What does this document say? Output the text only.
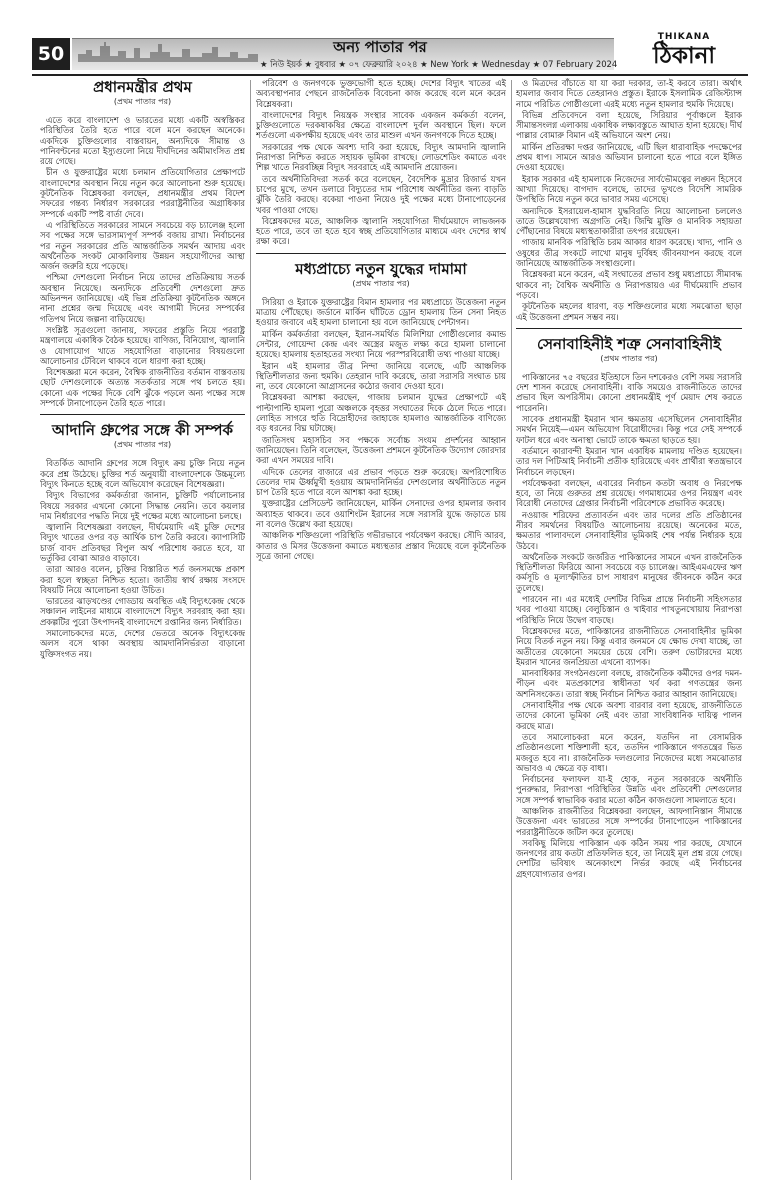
50	অন্য পাতার পর
★ নিউ ইয়র্ক ★ বুধবার ★ ০৭ ফেব্রুয়ারি ২০২৪ ★ New York ★ Wednesday ★ 07 February 2024
THIKANA
ঠিকানা
প্রধানমন্ত্রীর প্রথম
(প্রথম পাতার পর)

এতে করে বাংলাদেশ ও ভারতের মধ্যে একটি অস্বস্তিকর পরিস্থিতির তৈরি হতে পারে বলে মনে করছেন অনেকে। একদিকে চুক্তিগুলোর বাস্তবায়ন, অন্যদিকে সীমান্ত ও পানিবণ্টনের মতো ইস্যুগুলো নিয়ে দীর্ঘদিনের অমীমাংসিত প্রশ্ন রয়ে গেছে।

চীন ও যুক্তরাষ্ট্রের মধ্যে চলমান প্রতিযোগিতার প্রেক্ষাপটে বাংলাদেশের অবস্থান নিয়ে নতুন করে আলোচনা শুরু হয়েছে। কূটনৈতিক বিশ্লেষকরা বলছেন, প্রধানমন্ত্রীর প্রথম বিদেশ সফরের গন্তব্য নির্ধারণ সরকারের পররাষ্ট্রনীতির অগ্রাধিকার সম্পর্কে একটি স্পষ্ট বার্তা দেবে।

এ পরিস্থিতিতে সরকারের সামনে সবচেয়ে বড় চ্যালেঞ্জ হলো সব পক্ষের সঙ্গে ভারসাম্যপূর্ণ সম্পর্ক বজায় রাখা। নির্বাচনের পর নতুন সরকারের প্রতি আন্তর্জাতিক সমর্থন আদায় এবং অর্থনৈতিক সংকট মোকাবিলায় উন্নয়ন সহযোগীদের আস্থা অর্জন জরুরি হয়ে পড়েছে।

পশ্চিমা দেশগুলো নির্বাচন নিয়ে তাদের প্রতিক্রিয়ায় সতর্ক অবস্থান নিয়েছে। অন্যদিকে প্রতিবেশী দেশগুলো দ্রুত অভিনন্দন জানিয়েছে। এই ভিন্ন প্রতিক্রিয়া কূটনৈতিক অঙ্গনে নানা প্রশ্নের জন্ম দিয়েছে এবং আগামী দিনের সম্পর্কের গতিপথ নিয়ে জল্পনা বাড়িয়েছে।

সংশ্লিষ্ট সূত্রগুলো জানায়, সফরের প্রস্তুতি নিয়ে পররাষ্ট্র মন্ত্রণালয়ে একাধিক বৈঠক হয়েছে। বাণিজ্য, বিনিয়োগ, জ্বালানি ও যোগাযোগ খাতে সহযোগিতা বাড়ানোর বিষয়গুলো আলোচনার টেবিলে থাকবে বলে ধারণা করা হচ্ছে।

বিশেষজ্ঞরা মনে করেন, বৈশ্বিক রাজনীতির বর্তমান বাস্তবতায় ছোট দেশগুলোকে অত্যন্ত সতর্কতার সঙ্গে পথ চলতে হয়। কোনো এক পক্ষের দিকে বেশি ঝুঁকে পড়লে অন্য পক্ষের সঙ্গে সম্পর্কে টানাপোড়েন তৈরি হতে পারে।

আদানি গ্রুপের সঙ্গে কী সম্পর্ক
(প্রথম পাতার পর)

বিতর্কিত আদানি গ্রুপের সঙ্গে বিদ্যুৎ ক্রয় চুক্তি নিয়ে নতুন করে প্রশ্ন উঠেছে। চুক্তির শর্ত অনুযায়ী বাংলাদেশকে উচ্চমূল্যে বিদ্যুৎ কিনতে হচ্ছে বলে অভিযোগ করেছেন বিশেষজ্ঞরা।

বিদ্যুৎ বিভাগের কর্মকর্তারা জানান, চুক্তিটি পর্যালোচনার বিষয়ে সরকার এখনো কোনো সিদ্ধান্ত নেয়নি। তবে কয়লার দাম নির্ধারণের পদ্ধতি নিয়ে দুই পক্ষের মধ্যে আলোচনা চলছে।

জ্বালানি বিশেষজ্ঞরা বলছেন, দীর্ঘমেয়াদি এই চুক্তি দেশের বিদ্যুৎ খাতের ওপর বড় আর্থিক চাপ তৈরি করবে। ক্যাপাসিটি চার্জ বাবদ প্রতিবছর বিপুল অর্থ পরিশোধ করতে হবে, যা ভর্তুকির বোঝা আরও বাড়াবে।

তারা আরও বলেন, চুক্তির বিস্তারিত শর্ত জনসমক্ষে প্রকাশ করা হলে স্বচ্ছতা নিশ্চিত হতো। জাতীয় স্বার্থ রক্ষায় সংসদে বিষয়টি নিয়ে আলোচনা হওয়া উচিত।

ভারতের ঝাড়খণ্ডের গোড্ডায় অবস্থিত এই বিদ্যুৎকেন্দ্র থেকে সঞ্চালন লাইনের মাধ্যমে বাংলাদেশে বিদ্যুৎ সরবরাহ করা হয়। প্রকল্পটির পুরো উৎপাদনই বাংলাদেশে রপ্তানির জন্য নির্ধারিত।

সমালোচকদের মতে, দেশের ভেতরে অনেক বিদ্যুৎকেন্দ্র অলস বসে থাকা অবস্থায় আমদানিনির্ভরতা বাড়ানো যুক্তিসংগত নয়।

পরিবেশ ও জনগণকে ভুক্তভোগী হতে হচ্ছে। দেশের বিদ্যুৎ খাতের এই অব্যবস্থাপনার পেছনে রাজনৈতিক বিবেচনা কাজ করেছে বলে মনে করেন বিশ্লেষকরা।

বাংলাদেশের বিদ্যুৎ নিয়ন্ত্রক সংস্থার সাবেক একজন কর্মকর্তা বলেন, চুক্তিগুলোতে দরকষাকষির ক্ষেত্রে বাংলাদেশ দুর্বল অবস্থানে ছিল। ফলে শর্তগুলো একপক্ষীয় হয়েছে এবং তার মাশুল এখন জনগণকে দিতে হচ্ছে।

সরকারের পক্ষ থেকে অবশ্য দাবি করা হয়েছে, বিদ্যুৎ আমদানি জ্বালানি নিরাপত্তা নিশ্চিত করতে সহায়ক ভূমিকা রাখছে। লোডশেডিং কমাতে এবং শিল্প খাতে নিরবচ্ছিন্ন বিদ্যুৎ সরবরাহে এই আমদানি প্রয়োজন।

তবে অর্থনীতিবিদরা সতর্ক করে বলেছেন, বৈদেশিক মুদ্রার রিজার্ভ যখন চাপের মুখে, তখন ডলারে বিদ্যুতের দাম পরিশোধ অর্থনীতির জন্য বাড়তি ঝুঁকি তৈরি করছে। বকেয়া পাওনা নিয়েও দুই পক্ষের মধ্যে টানাপোড়েনের খবর পাওয়া গেছে।

বিশ্লেষকদের মতে, আঞ্চলিক জ্বালানি সহযোগিতা দীর্ঘমেয়াদে লাভজনক হতে পারে, তবে তা হতে হবে স্বচ্ছ প্রতিযোগিতার মাধ্যমে এবং দেশের স্বার্থ রক্ষা করে।

মধ্যপ্রাচ্যে নতুন যুদ্ধের দামামা
(প্রথম পাতার পর)

সিরিয়া ও ইরাকে যুক্তরাষ্ট্রের বিমান হামলার পর মধ্যপ্রাচ্যে উত্তেজনা নতুন মাত্রায় পৌঁছেছে। জর্ডানে মার্কিন ঘাঁটিতে ড্রোন হামলায় তিন সেনা নিহত হওয়ার জবাবে এই হামলা চালানো হয় বলে জানিয়েছে পেন্টাগন।

মার্কিন কর্মকর্তারা বলছেন, ইরান-সমর্থিত মিলিশিয়া গোষ্ঠীগুলোর কমান্ড সেন্টার, গোয়েন্দা কেন্দ্র এবং অস্ত্রের মজুত লক্ষ্য করে হামলা চালানো হয়েছে। হামলায় হতাহতের সংখ্যা নিয়ে পরস্পরবিরোধী তথ্য পাওয়া যাচ্ছে।

ইরান এই হামলার তীব্র নিন্দা জানিয়ে বলেছে, এটি আঞ্চলিক স্থিতিশীলতার জন্য হুমকি। তেহরান দাবি করেছে, তারা সরাসরি সংঘাত চায় না, তবে যেকোনো আগ্রাসনের কঠোর জবাব দেওয়া হবে।

বিশ্লেষকরা আশঙ্কা করছেন, গাজায় চলমান যুদ্ধের প্রেক্ষাপটে এই পাল্টাপাল্টি হামলা পুরো অঞ্চলকে বৃহত্তর সংঘাতের দিকে ঠেলে দিতে পারে। লোহিত সাগরে হুতি বিদ্রোহীদের জাহাজে হামলাও আন্তর্জাতিক বাণিজ্যে বড় ধরনের বিঘ্ন ঘটাচ্ছে।

জাতিসংঘ মহাসচিব সব পক্ষকে সর্বোচ্চ সংযম প্রদর্শনের আহ্বান জানিয়েছেন। তিনি বলেছেন, উত্তেজনা প্রশমনে কূটনৈতিক উদ্যোগ জোরদার করা এখন সময়ের দাবি।

এদিকে তেলের বাজারে এর প্রভাব পড়তে শুরু করেছে। অপরিশোধিত তেলের দাম ঊর্ধ্বমুখী হওয়ায় আমদানিনির্ভর দেশগুলোর অর্থনীতিতে নতুন চাপ তৈরি হতে পারে বলে আশঙ্কা করা হচ্ছে।

যুক্তরাষ্ট্রের প্রেসিডেন্ট জানিয়েছেন, মার্কিন সেনাদের ওপর হামলার জবাব অব্যাহত থাকবে। তবে ওয়াশিংটন ইরানের সঙ্গে সরাসরি যুদ্ধে জড়াতে চায় না বলেও উল্লেখ করা হয়েছে।

আঞ্চলিক শক্তিগুলো পরিস্থিতি গভীরভাবে পর্যবেক্ষণ করছে। সৌদি আরব, কাতার ও মিসর উত্তেজনা কমাতে মধ্যস্থতার প্রস্তাব দিয়েছে বলে কূটনৈতিক সূত্রে জানা গেছে।

ও মিত্রদের বাঁচাতে যা যা করা দরকার, তা-ই করবে তারা। অর্থাৎ হামলার জবাব দিতে তেহরানও প্রস্তুত। ইরাকে ইসলামিক রেজিস্ট্যান্স নামে পরিচিত গোষ্ঠীগুলো এরই মধ্যে নতুন হামলার হুমকি দিয়েছে।

বিভিন্ন প্রতিবেদনে বলা হয়েছে, সিরিয়ার পূর্বাঞ্চলে ইরাক সীমান্তসংলগ্ন এলাকায় একাধিক লক্ষ্যবস্তুতে আঘাত হানা হয়েছে। দীর্ঘ পাল্লার বোমারু বিমান এই অভিযানে অংশ নেয়।

মার্কিন প্রতিরক্ষা দপ্তর জানিয়েছে, এটি ছিল ধারাবাহিক পদক্ষেপের প্রথম ধাপ। সামনে আরও অভিযান চালানো হতে পারে বলে ইঙ্গিত দেওয়া হয়েছে।

ইরাক সরকার এই হামলাকে নিজেদের সার্বভৌমত্বের লঙ্ঘন হিসেবে আখ্যা দিয়েছে। বাগদাদ বলেছে, তাদের ভূখণ্ডে বিদেশি সামরিক উপস্থিতি নিয়ে নতুন করে ভাবার সময় এসেছে।

অন্যদিকে ইসরায়েল-হামাস যুদ্ধবিরতি নিয়ে আলোচনা চললেও তাতে উল্লেখযোগ্য অগ্রগতি নেই। জিম্মি মুক্তি ও মানবিক সহায়তা পৌঁছানোর বিষয়ে মধ্যস্থতাকারীরা তৎপর রয়েছেন।

গাজায় মানবিক পরিস্থিতি চরম আকার ধারণ করেছে। খাদ্য, পানি ও ওষুধের তীব্র সংকটে লাখো মানুষ দুর্বিষহ জীবনযাপন করছে বলে জানিয়েছে আন্তর্জাতিক সংস্থাগুলো।

বিশ্লেষকরা মনে করেন, এই সংঘাতের প্রভাব শুধু মধ্যপ্রাচ্যে সীমাবদ্ধ থাকবে না; বৈশ্বিক অর্থনীতি ও নিরাপত্তায়ও এর দীর্ঘমেয়াদি প্রভাব পড়বে।

কূটনৈতিক মহলের ধারণা, বড় শক্তিগুলোর মধ্যে সমঝোতা ছাড়া এই উত্তেজনা প্রশমন সম্ভব নয়।

সেনাবাহিনীই শত্রু সেনাবাহিনীই
(প্রথম পাতার পর)

পাকিস্তানের ৭৫ বছরের ইতিহাসে তিন দশকেরও বেশি সময় সরাসরি দেশ শাসন করেছে সেনাবাহিনী। বাকি সময়েও রাজনীতিতে তাদের প্রভাব ছিল অপরিসীম। কোনো প্রধানমন্ত্রীই পূর্ণ মেয়াদ শেষ করতে পারেননি।

সাবেক প্রধানমন্ত্রী ইমরান খান ক্ষমতায় এসেছিলেন সেনাবাহিনীর সমর্থন নিয়েই—এমন অভিযোগ বিরোধীদের। কিন্তু পরে সেই সম্পর্কে ফাটল ধরে এবং অনাস্থা ভোটে তাকে ক্ষমতা ছাড়তে হয়।

বর্তমানে কারাবন্দী ইমরান খান একাধিক মামলায় দণ্ডিত হয়েছেন। তার দল পিটিআই নির্বাচনী প্রতীক হারিয়েছে এবং প্রার্থীরা স্বতন্ত্রভাবে নির্বাচনে লড়ছেন।

পর্যবেক্ষকরা বলছেন, এবারের নির্বাচন কতটা অবাধ ও নিরপেক্ষ হবে, তা নিয়ে গুরুতর প্রশ্ন রয়েছে। গণমাধ্যমের ওপর নিয়ন্ত্রণ এবং বিরোধী নেতাদের গ্রেপ্তার নির্বাচনী পরিবেশকে প্রভাবিত করেছে।

নওয়াজ শরিফের প্রত্যাবর্তন এবং তার দলের প্রতি প্রতিষ্ঠানের নীরব সমর্থনের বিষয়টিও আলোচনায় রয়েছে। অনেকের মতে, ক্ষমতার পালাবদলে সেনাবাহিনীর ভূমিকাই শেষ পর্যন্ত নির্ধারক হয়ে উঠবে।

অর্থনৈতিক সংকটে জর্জরিত পাকিস্তানের সামনে এখন রাজনৈতিক স্থিতিশীলতা ফিরিয়ে আনা সবচেয়ে বড় চ্যালেঞ্জ। আইএমএফের ঋণ কর্মসূচি ও মূল্যস্ফীতির চাপ সাধারণ মানুষের জীবনকে কঠিন করে তুলেছে।

পারবেন না। এর মধ্যেই দেশটির বিভিন্ন প্রান্তে নির্বাচনী সহিংসতার খবর পাওয়া যাচ্ছে। বেলুচিস্তান ও খাইবার পাখতুনখোয়ায় নিরাপত্তা পরিস্থিতি নিয়ে উদ্বেগ বাড়ছে।

বিশ্লেষকদের মতে, পাকিস্তানের রাজনীতিতে সেনাবাহিনীর ভূমিকা নিয়ে বিতর্ক নতুন নয়। কিন্তু এবার জনমনে যে ক্ষোভ দেখা যাচ্ছে, তা অতীতের যেকোনো সময়ের চেয়ে বেশি। তরুণ ভোটারদের মধ্যে ইমরান খানের জনপ্রিয়তা এখনো ব্যাপক।

মানবাধিকার সংগঠনগুলো বলছে, রাজনৈতিক কর্মীদের ওপর দমন-পীড়ন এবং মতপ্রকাশের স্বাধীনতা খর্ব করা গণতন্ত্রের জন্য অশনিসংকেত। তারা স্বচ্ছ নির্বাচন নিশ্চিত করার আহ্বান জানিয়েছে।

সেনাবাহিনীর পক্ষ থেকে অবশ্য বারবার বলা হয়েছে, রাজনীতিতে তাদের কোনো ভূমিকা নেই এবং তারা সাংবিধানিক দায়িত্ব পালন করছে মাত্র।

তবে সমালোচকরা মনে করেন, যতদিন না বেসামরিক প্রতিষ্ঠানগুলো শক্তিশালী হবে, ততদিন পাকিস্তানে গণতন্ত্রের ভিত মজবুত হবে না। রাজনৈতিক দলগুলোর নিজেদের মধ্যে সমঝোতার অভাবও এ ক্ষেত্রে বড় বাধা।

নির্বাচনের ফলাফল যা-ই হোক, নতুন সরকারকে অর্থনীতি পুনরুদ্ধার, নিরাপত্তা পরিস্থিতির উন্নতি এবং প্রতিবেশী দেশগুলোর সঙ্গে সম্পর্ক স্বাভাবিক করার মতো কঠিন কাজগুলো সামলাতে হবে।

আঞ্চলিক রাজনীতির বিশ্লেষকরা বলছেন, আফগানিস্তান সীমান্তে উত্তেজনা এবং ভারতের সঙ্গে সম্পর্কের টানাপোড়েন পাকিস্তানের পররাষ্ট্রনীতিকে জটিল করে তুলেছে।

সবকিছু মিলিয়ে পাকিস্তান এক কঠিন সময় পার করছে, যেখানে জনগণের রায় কতটা প্রতিফলিত হবে, তা নিয়েই মূল প্রশ্ন রয়ে গেছে। দেশটির ভবিষ্যৎ অনেকাংশে নির্ভর করছে এই নির্বাচনের গ্রহণযোগ্যতার ওপর।
